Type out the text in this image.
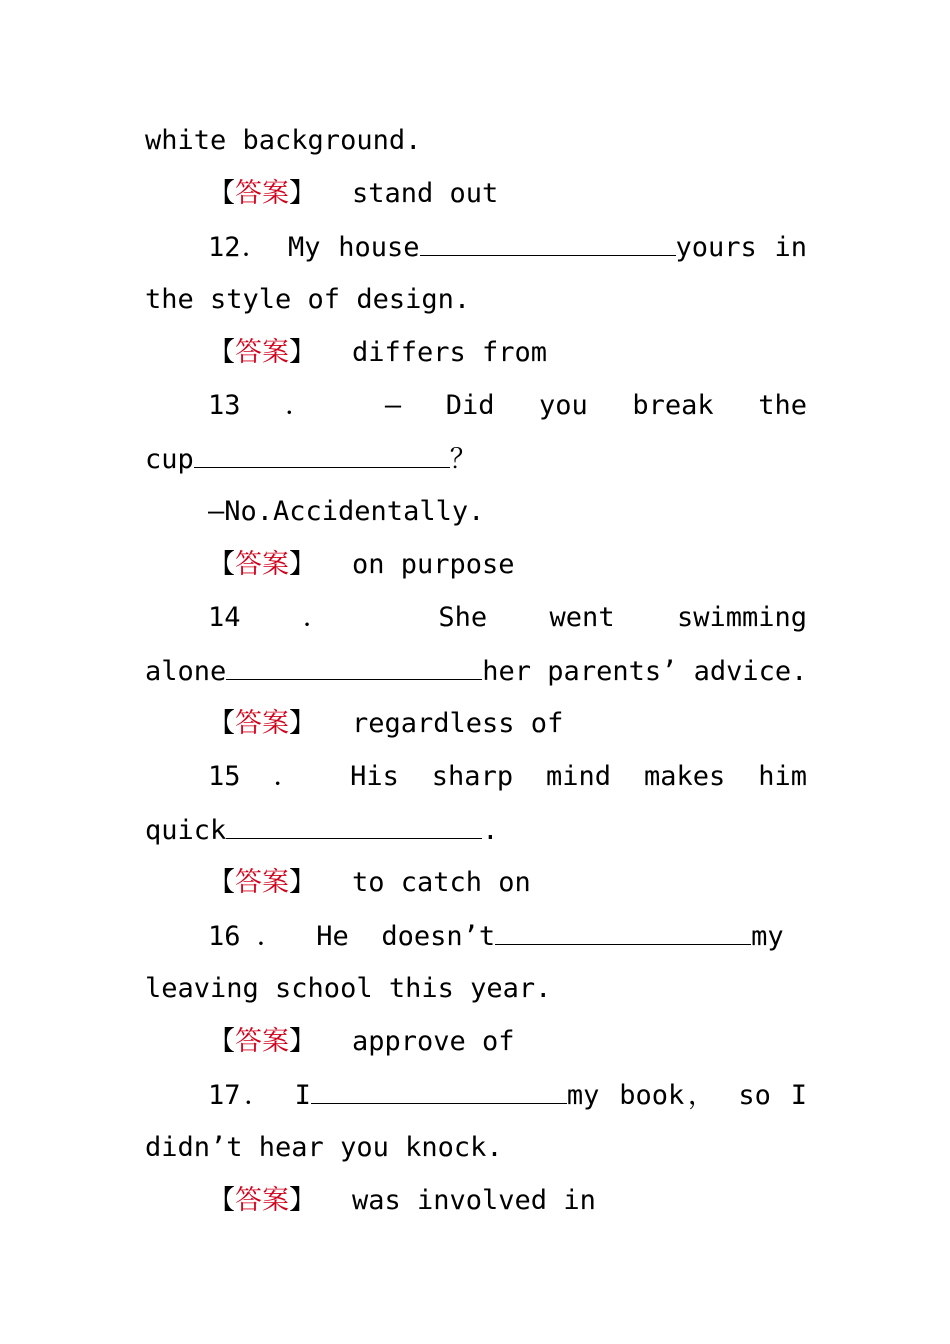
white background.
【答案】 stand out
12． My house	yours in
the style of design.
【答案】 differs from
13 ． — Did you break the
cup	？
—No.Accidentally.
【答案】 on purpose
14 ． She went swimming
alone	her parents’ advice.
【答案】 regardless of
15 ． His sharp mind makes him
quick	.
【答案】 to catch on
16 ． He doesn’t	my
leaving school this year.
【答案】 approve of
17． I	my book， so I
didn’t hear you knock.
【答案】 was involved in
